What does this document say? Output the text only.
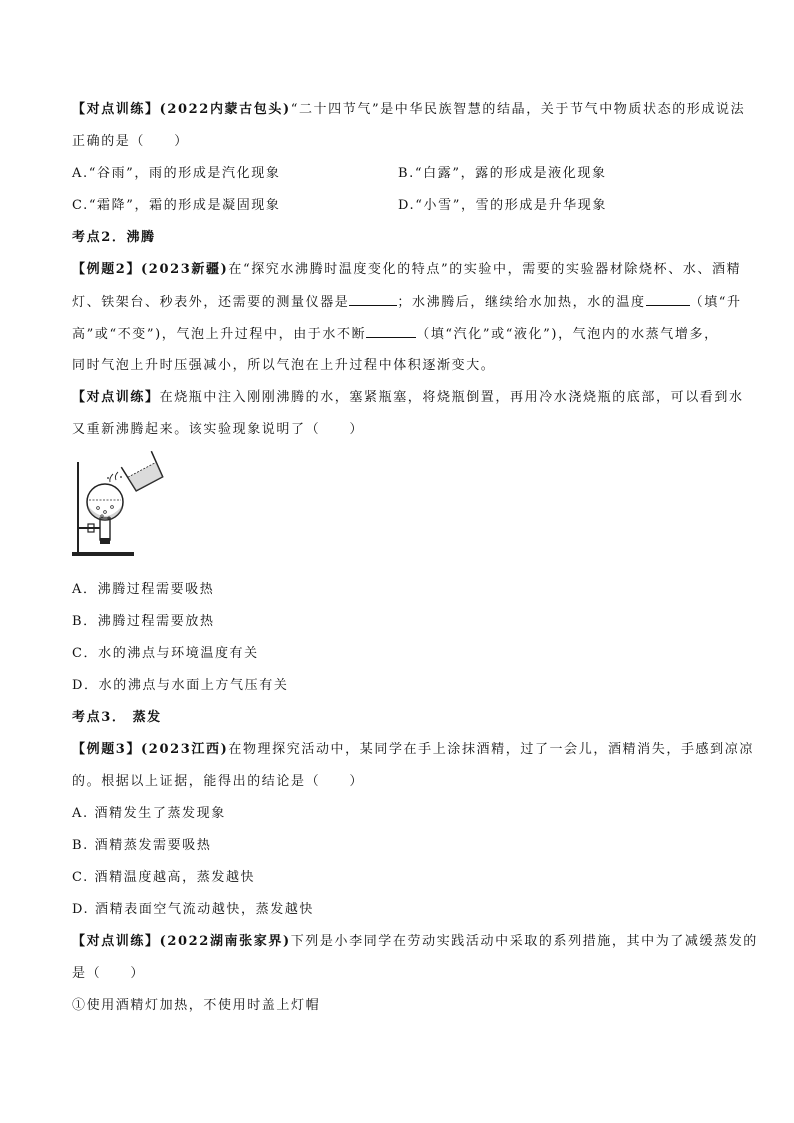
【对点训练】(2022内蒙古包头)“二十四节气”是中华民族智慧的结晶，关于节气中物质状态的形成说法
正确的是（　　）
A.“谷雨”，雨的形成是汽化现象	B.“白露”，露的形成是液化现象
C.“霜降”，霜的形成是凝固现象	D.“小雪”，雪的形成是升华现象
考点2．沸腾
【例题2】(2023新疆)在“探究水沸腾时温度变化的特点”的实验中，需要的实验器材除烧杯、水、酒精
灯、铁架台、秒表外，还需要的测量仪器是	；水沸腾后，继续给水加热，水的温度	（填“升
高”或“不变”)，气泡上升过程中，由于水不断	（填“汽化”或“液化”)，气泡内的水蒸气增多，
同时气泡上升时压强减小，所以气泡在上升过程中体积逐渐变大。
【对点训练】在烧瓶中注入刚刚沸腾的水，塞紧瓶塞，将烧瓶倒置，再用冷水浇烧瓶的底部，可以看到水
又重新沸腾起来。该实验现象说明了（　　）
A．沸腾过程需要吸热
B．沸腾过程需要放热
C．水的沸点与环境温度有关
D．水的沸点与水面上方气压有关
考点3． 蒸发
【例题3】(2023江西)在物理探究活动中，某同学在手上涂抹酒精，过了一会儿，酒精消失，手感到凉凉
的。根据以上证据，能得出的结论是（　　）
A. 酒精发生了蒸发现象
B. 酒精蒸发需要吸热
C. 酒精温度越高，蒸发越快
D. 酒精表面空气流动越快，蒸发越快
【对点训练】(2022湖南张家界)下列是小李同学在劳动实践活动中采取的系列措施，其中为了减缓蒸发的
是（　　）
①使用酒精灯加热，不使用时盖上灯帽
